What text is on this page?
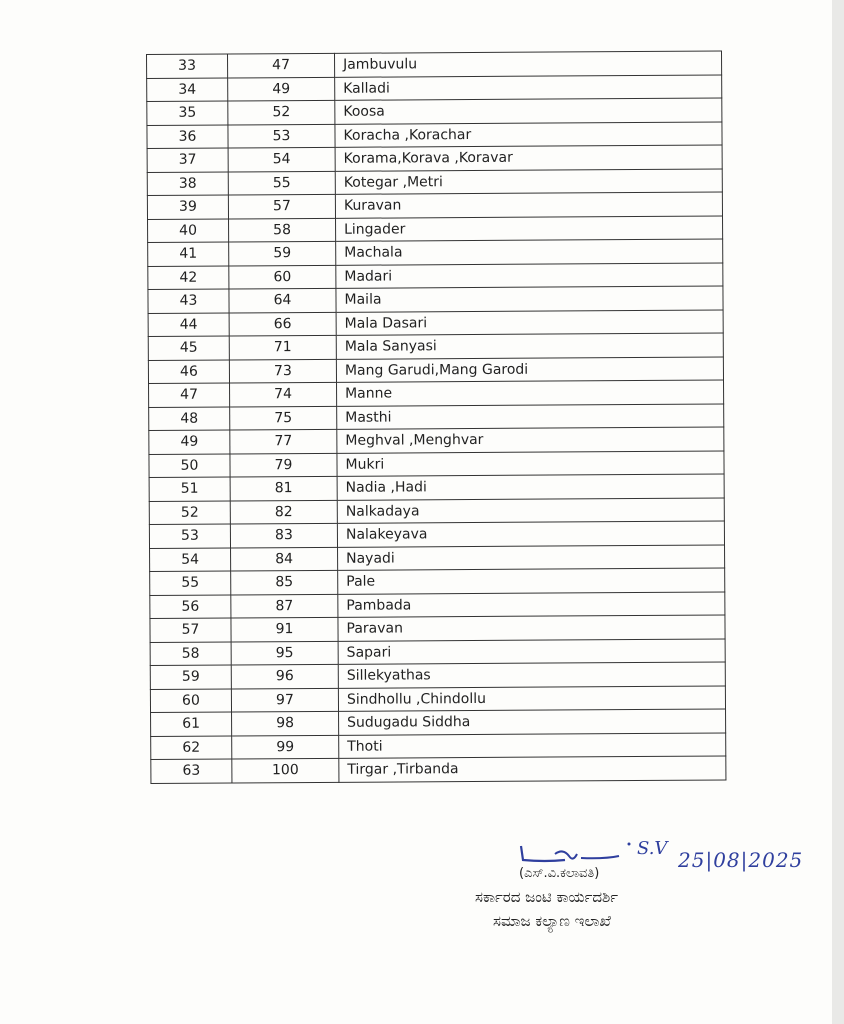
33	47	Jambuvulu
34	49	Kalladi
35	52	Koosa
36	53	Koracha ,Korachar
37	54	Korama,Korava ,Koravar
38	55	Kotegar ,Metri
39	57	Kuravan
40	58	Lingader
41	59	Machala
42	60	Madari
43	64	Maila
44	66	Mala Dasari
45	71	Mala Sanyasi
46	73	Mang Garudi,Mang Garodi
47	74	Manne
48	75	Masthi
49	77	Meghval ,Menghvar
50	79	Mukri
51	81	Nadia ,Hadi
52	82	Nalkadaya
53	83	Nalakeyava
54	84	Nayadi
55	85	Pale
56	87	Pambada
57	91	Paravan
58	95	Sapari
59	96	Sillekyathas
60	97	Sindhollu ,Chindollu
61	98	Sudugadu Siddha
62	99	Thoti
63	100	Tirgar ,Tirbanda
S.V 25|08|2025
(ಎಸ್.ವಿ.ಕಲಾವತಿ)
ಸರ್ಕಾರದ ಜಂಟಿ ಕಾರ್ಯದರ್ಶಿ
ಸಮಾಜ ಕಲ್ಯಾಣ ಇಲಾಖೆ
